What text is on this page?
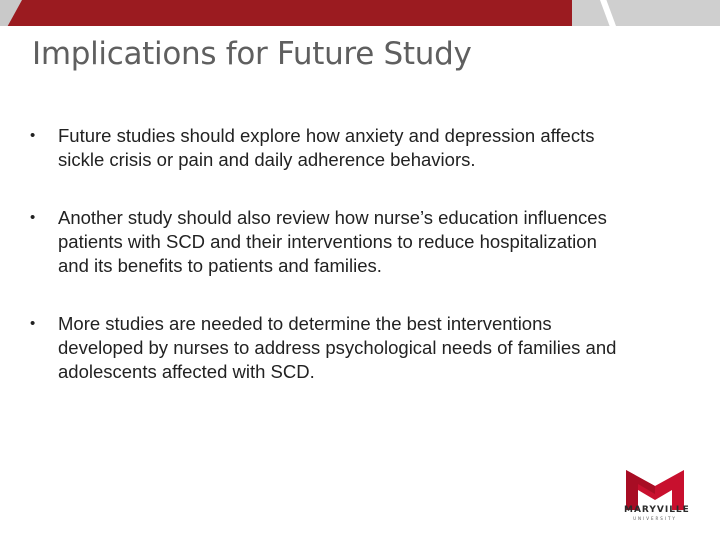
Implications for Future Study
• Future studies should explore how anxiety and depression affects sickle crisis or pain and daily adherence behaviors.
• Another study should also review how nurse’s education influences patients with SCD and their interventions to reduce hospitalization and its benefits to patients and families.
• More studies are needed to determine the best interventions developed by nurses to address psychological needs of families and adolescents affected with SCD.
MARYVILLE
UNIVERSITY
